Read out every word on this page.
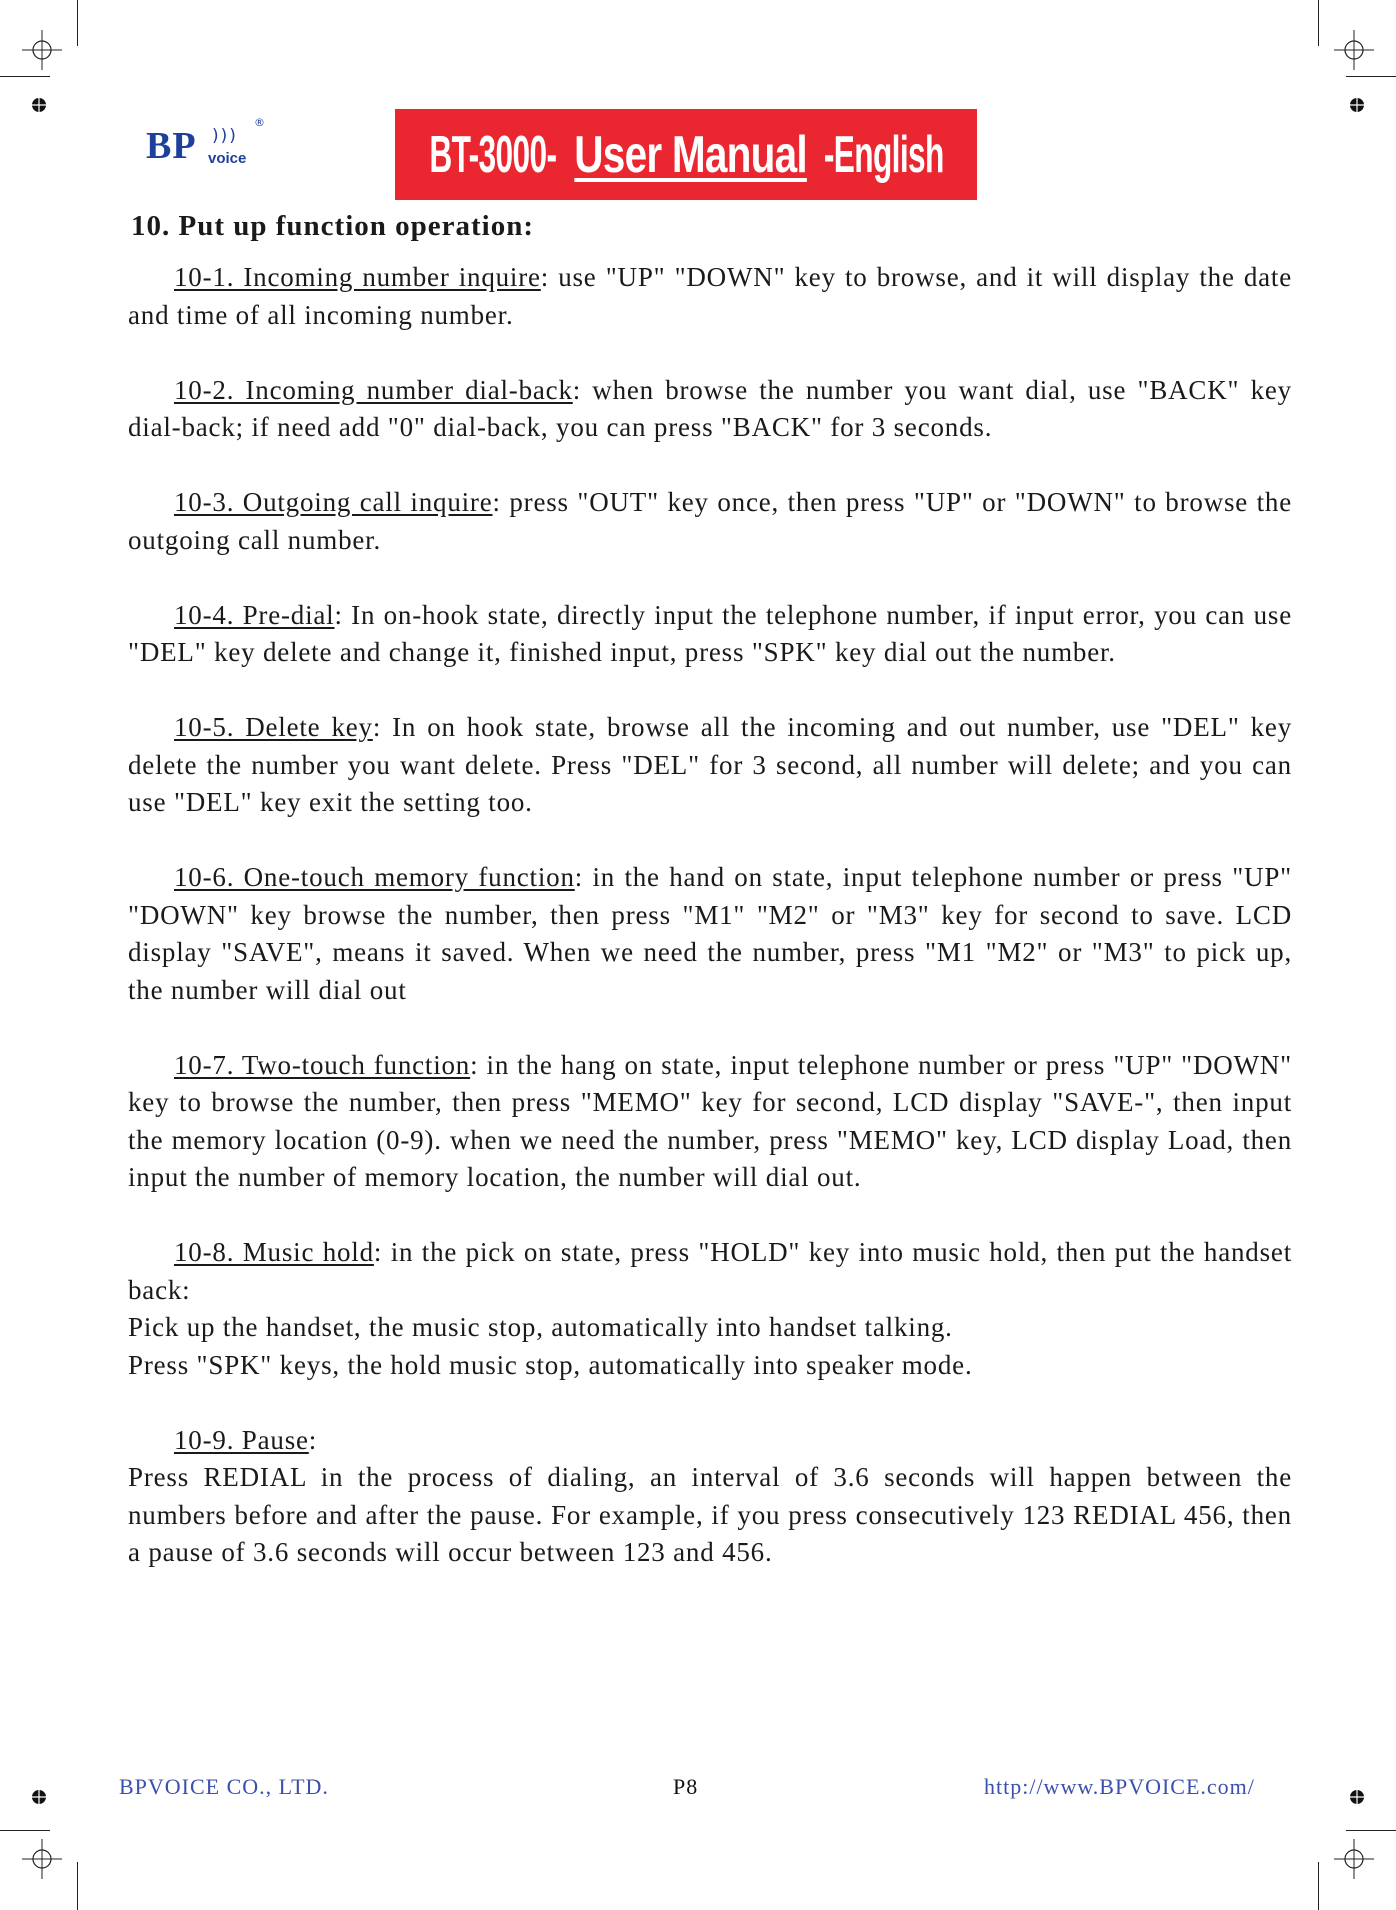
BP )))
®
voice	BT-3000- User Manual -English
10. Put up function operation:

10-1. Incoming number inquire: use "UP" "DOWN" key to browse, and it will display the date and time of all incoming number.

10-2. Incoming number dial-back: when browse the number you want dial, use "BACK" key dial-back; if need add "0" dial-back, you can press "BACK" for 3 seconds.

10-3. Outgoing call inquire: press "OUT" key once, then press "UP" or "DOWN" to browse the outgoing call number.

10-4. Pre-dial: In on-hook state, directly input the telephone number, if input error, you can use "DEL" key delete and change it, finished input, press "SPK" key dial out the number.

10-5. Delete key: In on hook state, browse all the incoming and out number, use "DEL" key delete the number you want delete. Press "DEL" for 3 second, all number will delete; and you can use "DEL" key exit the setting too.

10-6. One-touch memory function: in the hand on state, input telephone number or press "UP" "DOWN" key browse the number, then press "M1" "M2" or "M3" key for second to save. LCD display "SAVE", means it saved. When we need the number, press "M1 "M2" or "M3" to pick up, the number will dial out

10-7. Two-touch function: in the hang on state, input telephone number or press "UP" "DOWN" key to browse the number, then press "MEMO" key for second, LCD display "SAVE-", then input the memory location (0-9). when we need the number, press "MEMO" key, LCD display Load, then input the number of memory location, the number will dial out.

10-8. Music hold: in the pick on state, press "HOLD" key into music hold, then put the handset back:

Pick up the handset, the music stop, automatically into handset talking.

Press "SPK" keys, the hold music stop, automatically into speaker mode.

10-9. Pause:

Press REDIAL in the process of dialing, an interval of 3.6 seconds will happen between the numbers before and after the pause. For example, if you press consecutively 123 REDIAL 456, then a pause of 3.6 seconds will occur between 123 and 456.

BPVOICE CO., LTD.	P8	http://www.BPVOICE.com/
